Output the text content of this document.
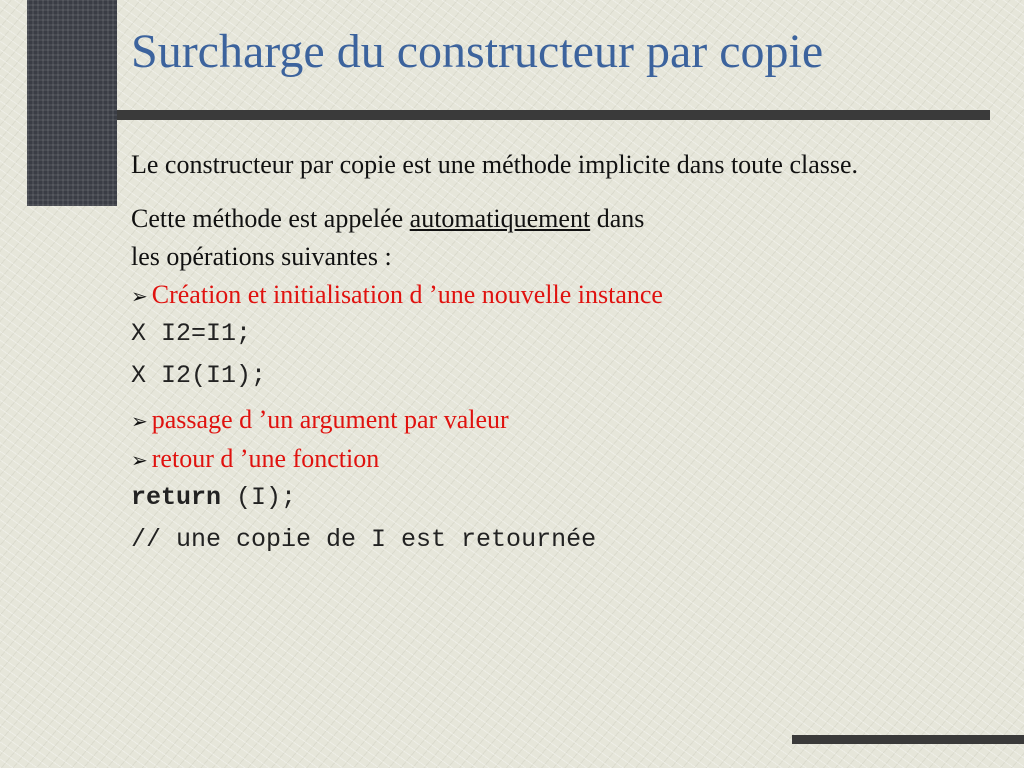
Surcharge du constructeur par copie

Le constructeur par copie est une méthode implicite dans toute classe.

Cette méthode est appelée automatiquement dans

les opérations suivantes :

➢ Création et initialisation d ’une nouvelle instance

X I2=I1;

X I2(I1);

➢ passage d ’un argument par valeur

➢ retour d ’une fonction

return (I);

// une copie de I est retournée
